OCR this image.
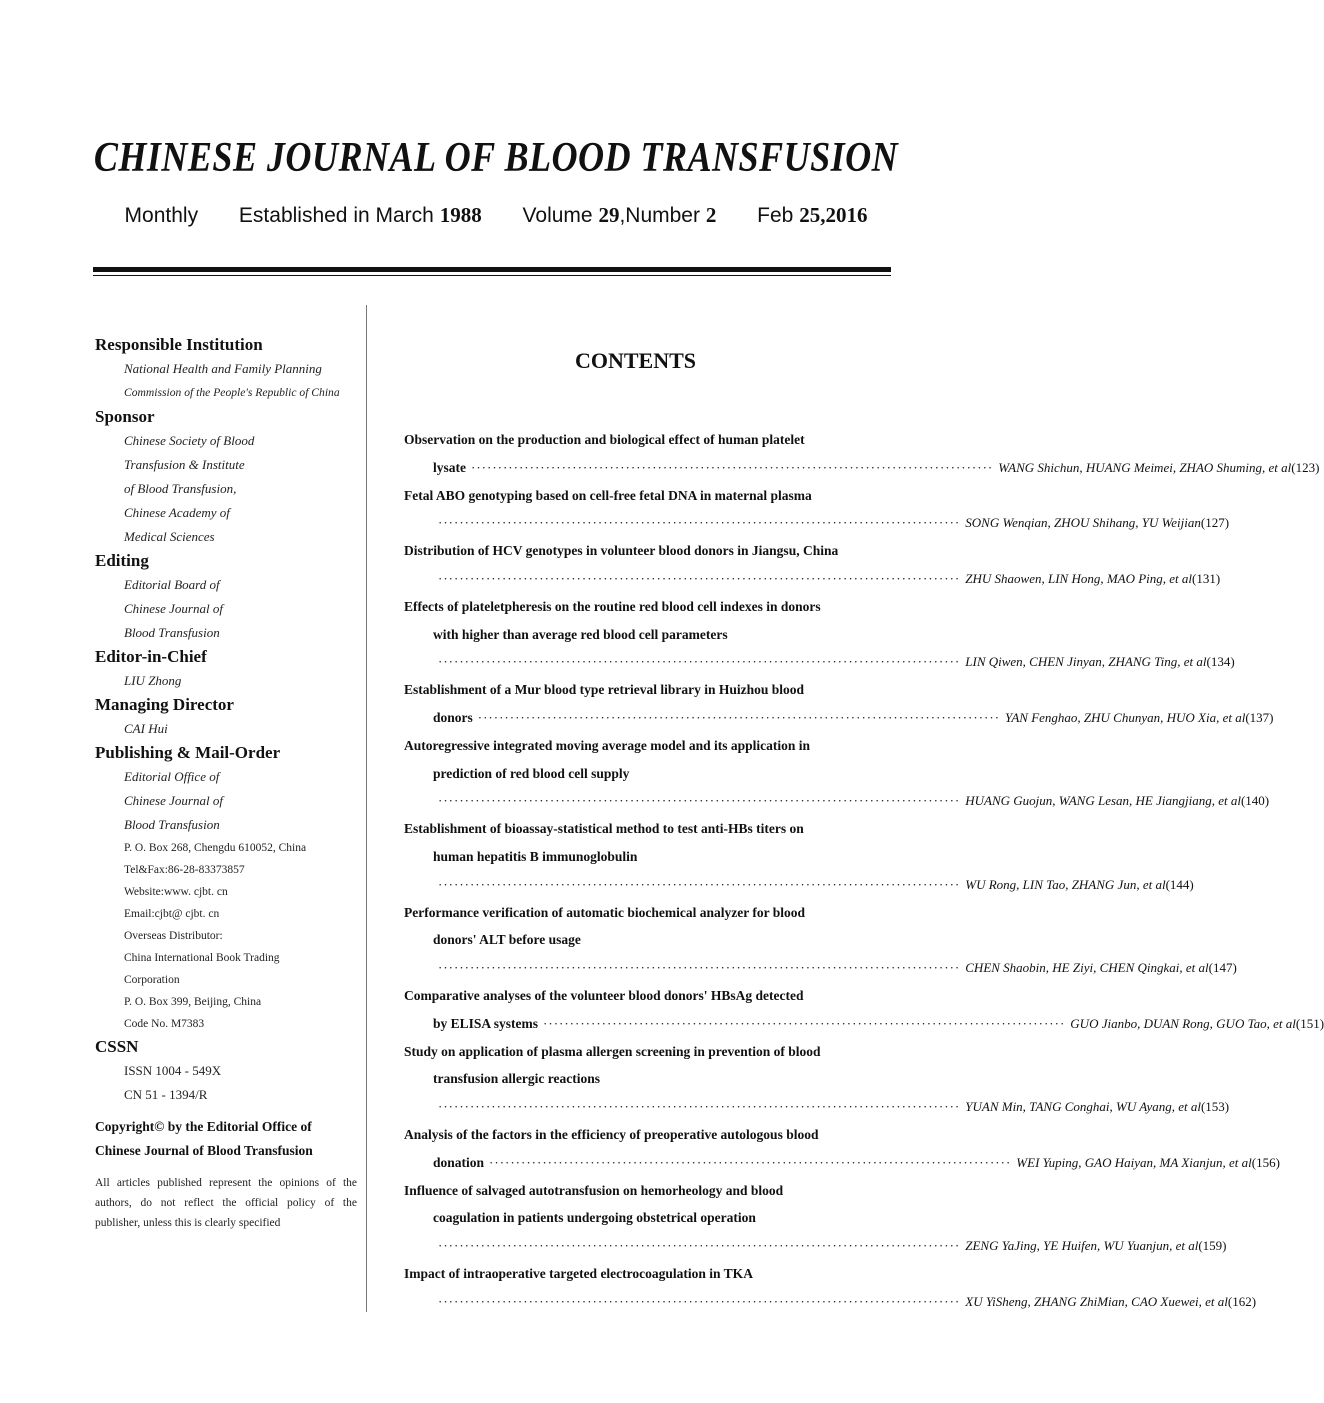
CHINESE JOURNAL OF BLOOD TRANSFUSION
Monthly Established in March 1988 Volume 29,Number 2 Feb 25,2016
Responsible Institution
National Health and Family Planning
Commission of the People's Republic of China
Sponsor
Chinese Society of Blood
Transfusion & Institute
of Blood Transfusion,
Chinese Academy of
Medical Sciences
Editing
Editorial Board of
Chinese Journal of
Blood Transfusion
Editor-in-Chief
LIU Zhong
Managing Director
CAI Hui
Publishing & Mail-Order
Editorial Office of
Chinese Journal of
Blood Transfusion
P. O. Box 268, Chengdu 610052, China
Tel&Fax:86-28-83373857
Website:www. cjbt. cn
Email:cjbt@ cjbt. cn
Overseas Distributor:
China International Book Trading
Corporation
P. O. Box 399, Beijing, China
Code No. M7383
CSSN
ISSN 1004 - 549X
CN 51 - 1394/R
Copyright© by the Editorial Office of
Chinese Journal of Blood Transfusion
All articles published represent the opinions of the authors, do not reflect the official policy of the publisher, unless this is clearly specified
CONTENTS
Observation on the production and biological effect of human platelet
lysate ·································································································· WANG Shichun, HUANG Meimei, ZHAO Shuming, et al(123)
Fetal ABO genotyping based on cell-free fetal DNA in maternal plasma
·································································································· SONG Wenqian, ZHOU Shihang, YU Weijian(127)
Distribution of HCV genotypes in volunteer blood donors in Jiangsu, China
·································································································· ZHU Shaowen, LIN Hong, MAO Ping, et al(131)
Effects of plateletpheresis on the routine red blood cell indexes in donors
with higher than average red blood cell parameters
·································································································· LIN Qiwen, CHEN Jinyan, ZHANG Ting, et al(134)
Establishment of a Mur blood type retrieval library in Huizhou blood
donors ·································································································· YAN Fenghao, ZHU Chunyan, HUO Xia, et al(137)
Autoregressive integrated moving average model and its application in
prediction of red blood cell supply
·································································································· HUANG Guojun, WANG Lesan, HE Jiangjiang, et al(140)
Establishment of bioassay-statistical method to test anti-HBs titers on
human hepatitis B immunoglobulin
·································································································· WU Rong, LIN Tao, ZHANG Jun, et al(144)
Performance verification of automatic biochemical analyzer for blood
donors' ALT before usage
·································································································· CHEN Shaobin, HE Ziyi, CHEN Qingkai, et al(147)
Comparative analyses of the volunteer blood donors' HBsAg detected
by ELISA systems ·································································································· GUO Jianbo, DUAN Rong, GUO Tao, et al(151)
Study on application of plasma allergen screening in prevention of blood
transfusion allergic reactions
·································································································· YUAN Min, TANG Conghai, WU Ayang, et al(153)
Analysis of the factors in the efficiency of preoperative autologous blood
donation ·································································································· WEI Yuping, GAO Haiyan, MA Xianjun, et al(156)
Influence of salvaged autotransfusion on hemorheology and blood
coagulation in patients undergoing obstetrical operation
·································································································· ZENG YaJing, YE Huifen, WU Yuanjun, et al(159)
Impact of intraoperative targeted electrocoagulation in TKA
·································································································· XU YiSheng, ZHANG ZhiMian, CAO Xuewei, et al(162)
